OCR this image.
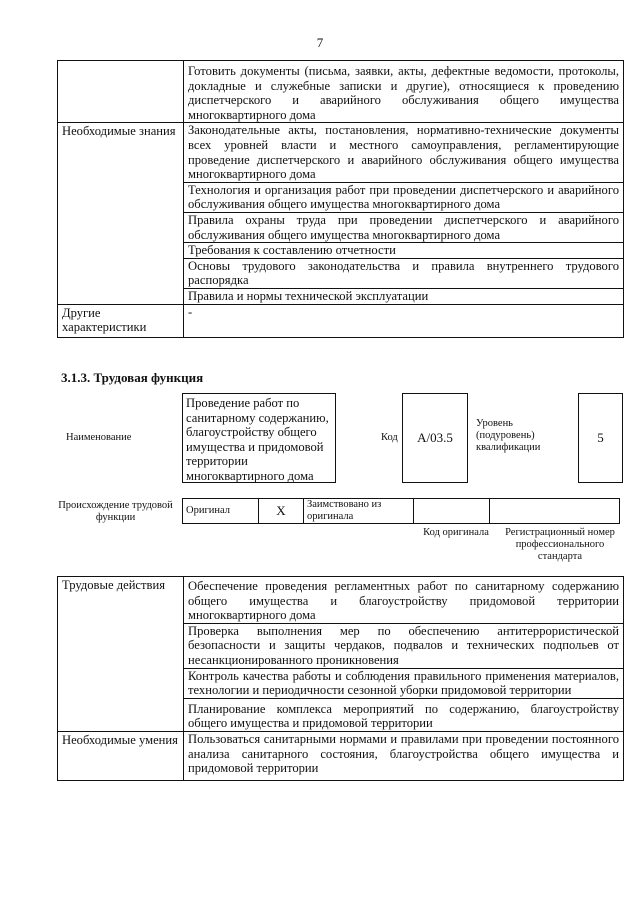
7
	Готовить документы (письма, заявки, акты, дефектные ведомости, протоколы, докладные и служебные записки и другие), относящиеся к проведению диспетчерского и аварийного обслуживания общего имущества многоквартирного дома
Необходимые знания	Законодательные акты, постановления, нормативно-технические документы всех уровней власти и местного самоуправления, регламентирующие проведение диспетчерского и аварийного обслуживания общего имущества многоквартирного дома
	Технология и организация работ при проведении диспетчерского и аварийного обслуживания общего имущества многоквартирного дома
	Правила охраны труда при проведении диспетчерского и аварийного обслуживания общего имущества многоквартирного дома
	Требования к составлению отчетности
	Основы трудового законодательства и правила внутреннего трудового распорядка
	Правила и нормы технической эксплуатации
Другие характеристики	-
3.1.3. Трудовая функция
Наименование
Проведение работ по санитарному содержанию, благоустройству общего имущества и придомовой территории многоквартирного дома
Код	А/03.5
Уровень (подуровень) квалификации
5
Происхождение трудовой функции
Оригинал	X	Заимствовано из оригинала		
Код оригинала	Регистрационный номер профессионального стандарта
Трудовые действия	Обеспечение проведения регламентных работ по санитарному содержанию общего имущества и благоустройству придомовой территории многоквартирного дома
	Проверка выполнения мер по обеспечению антитеррористической безопасности и защиты чердаков, подвалов и технических подпольев от несанкционированного проникновения
	Контроль качества работы и соблюдения правильного применения материалов, технологии и периодичности сезонной уборки придомовой территории
	Планирование комплекса мероприятий по содержанию, благоустройству общего имущества и придомовой территории
Необходимые умения	Пользоваться санитарными нормами и правилами при проведении постоянного анализа санитарного состояния, благоустройства общего имущества и придомовой территории
